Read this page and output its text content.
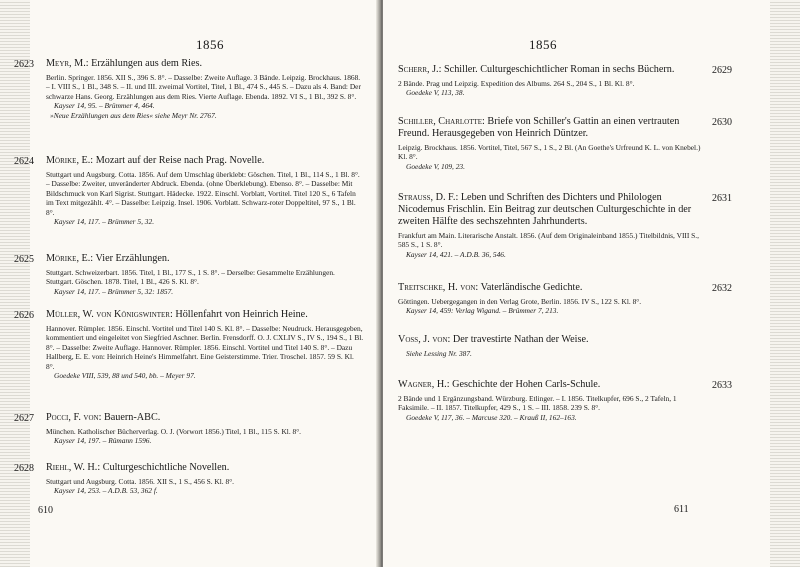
1856
2623 Meyr, M.: Erzählungen aus dem Ries.
Berlin. Springer. 1856. XII S., 396 S. 8°. – Dasselbe: Zweite Auflage. 3 Bände. Leipzig. Brockhaus. 1868. – I. VIII S., 1 Bl., 348 S. – II. und III. zweimal Vortitel, Titel, 1 Bl., 474 S., 445 S. – Dazu als 4. Band: Der schwarze Hans. Georg. Erzählungen aus dem Ries. Vierte Auflage. Ebenda. 1892. VI S., 1 Bl., 392 S. 8°.
Kayser 14, 95. – Brümmer 4, 464.
»Neue Erzählungen aus dem Ries« siehe Meyr Nr. 2767.
2624 Mörike, E.: Mozart auf der Reise nach Prag. Novelle.
Stuttgart und Augsburg. Cotta. 1856. Auf dem Umschlag überklebt: Göschen. Titel, 1 Bl., 114 S., 1 Bl. 8°. – Dasselbe: Zweiter, unveränderter Abdruck. Ebenda. (ohne Überklebung). Ebenso. 8°. – Dasselbe: Mit Bildschmuck von Karl Sigrist. Stuttgart. Hädecke. 1922. Einschl. Vorblatt, Vortitel. Titel 120 S., 6 Tafeln im Text mitgezählt. 4°. – Dasselbe: Leipzig. Insel. 1906. Vorblatt. Schwarz-roter Doppeltitel, 97 S., 1 Bl. 8°.
Kayser 14, 117. – Brümmer 5, 32.
2625 Mörike, E.: Vier Erzählungen.
Stuttgart. Schweizerbart. 1856. Titel, 1 Bl., 177 S., 1 S. 8°. – Derselbe: Gesammelte Erzählungen. Stuttgart. Göschen. 1878. Titel, 1 Bl., 426 S. Kl. 8°.
Kayser 14, 117. – Brümmer 5, 32: 1857.
2626 Müller, W. von Königswinter: Höllenfahrt von Heinrich Heine.
Hannover. Rümpler. 1856. Einschl. Vortitel und Titel 140 S. Kl. 8°. – Dasselbe: Neudruck. Herausgegeben, kommentiert und eingeleitet von Siegfried Aschner. Berlin. Frensdorff. O. J. CXLIV S., IV S., 194 S., 1 Bl. 8°. – Dasselbe: Zweite Auflage. Hannover. Rümpler. 1856. Einschl. Vortitel und Titel 140 S. 8°. – Dazu Hallberg, E. E. von: Heinrich Heine's Himmelfahrt. Eine Geisterstimme. Trier. Troschel. 1857. 59 S. Kl. 8°.
Goedeke VIII, 539, 88 und 540, bb. – Meyer 97.
2627 Pocci, F. von: Bauern-ABC.
München. Katholischer Bücherverlag. O. J. (Vorwort 1856.) Titel, 1 Bl., 115 S. Kl. 8°.
Kayser 14, 197. – Rümann 1596.
2628 Riehl, W. H.: Culturgeschichtliche Novellen.
Stuttgart und Augsburg. Cotta. 1856. XII S., 1 S., 456 S. Kl. 8°.
Kayser 14, 253. – A.D.B. 53, 362 f.
610
1856
2629
Scherr, J.: Schiller. Culturgeschichtlicher Roman in sechs Büchern.
2 Bände. Prag und Leipzig. Expedition des Albums. 264 S., 204 S., 1 Bl. Kl. 8°.
Goedeke V, 113, 38.
2630
Schiller, Charlotte: Briefe von Schiller's Gattin an einen vertrauten Freund. Herausgegeben von Heinrich Düntzer.
Leipzig. Brockhaus. 1856. Vortitel, Titel, 567 S., 1 S., 2 Bl. (An Goethe's Urfreund K. L. von Knebel.) Kl. 8°.
Goedeke V, 109, 23.
2631
Strauss, D. F.: Leben und Schriften des Dichters und Philologen Nicodemus Frischlin. Ein Beitrag zur deutschen Culturgeschichte in der zweiten Hälfte des sechszehnten Jahrhunderts.
Frankfurt am Main. Literarische Anstalt. 1856. (Auf dem Originaleinband 1855.) Titelbildnis, VIII S., 585 S., 1 S. 8°.
Kayser 14, 421. – A.D.B. 36, 546.
2632
Treitschke, H. von: Vaterländische Gedichte.
Göttingen. Uebergegangen in den Verlag Grote, Berlin. 1856. IV S., 122 S. Kl. 8°.
Kayser 14, 459: Verlag Wigand. – Brümmer 7, 213.
Voss, J. von: Der travestirte Nathan der Weise.
Siehe Lessing Nr. 387.
2633
Wagner, H.: Geschichte der Hohen Carls-Schule.
2 Bände und 1 Ergänzungsband. Würzburg. Etlinger. – I. 1856. Titelkupfer, 696 S., 2 Tafeln, 1 Faksimile. – II. 1857. Titelkupfer, 429 S., 1 S. – III. 1858. 239 S. 8°.
Goedeke V, 117, 36. – Marcuse 320. – Krauß II, 162–163.
611
